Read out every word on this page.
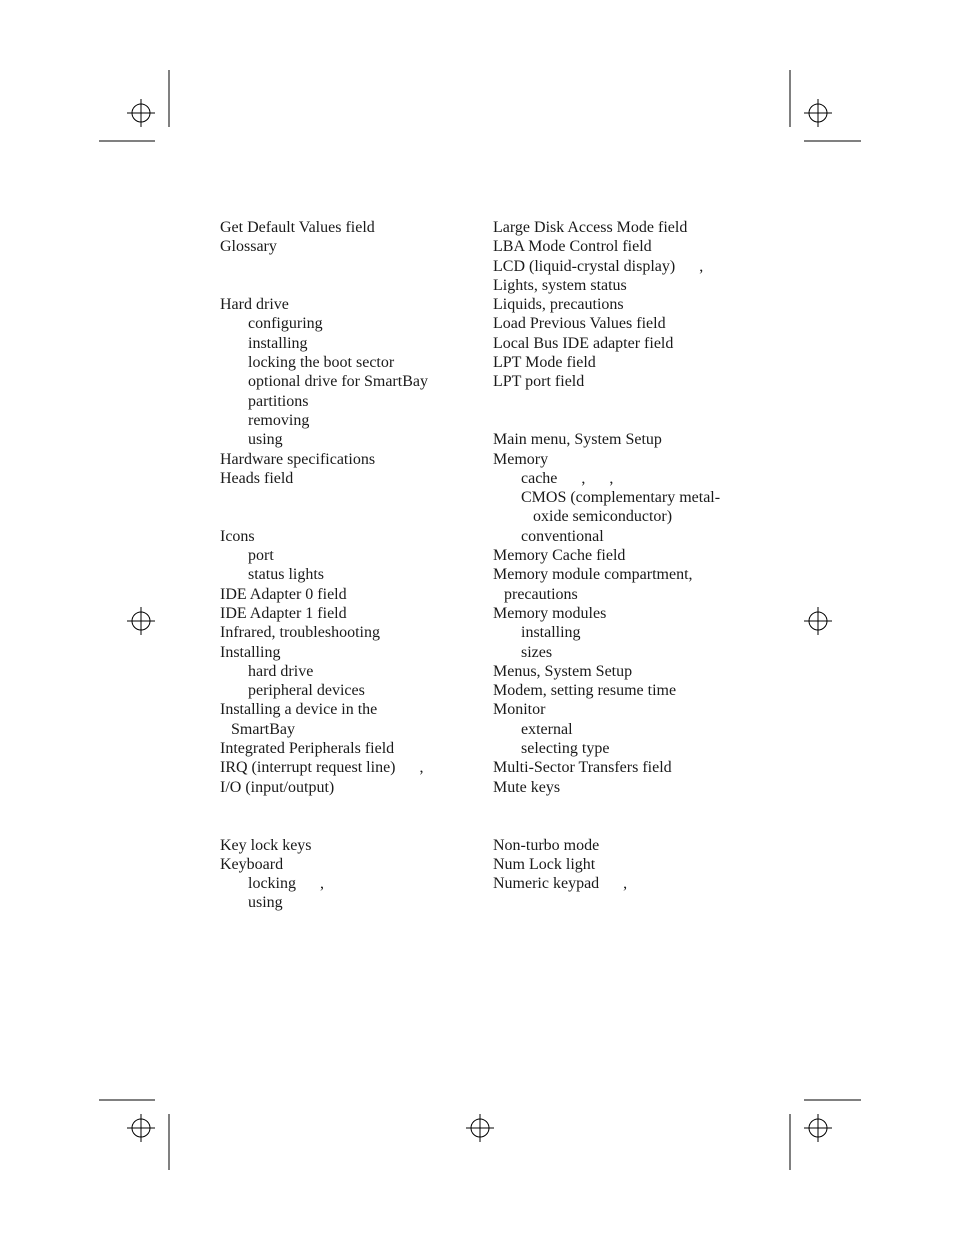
Get Default Values field
Glossary
Hard drive
configuring
installing
locking the boot sector
optional drive for SmartBay
partitions
removing
using
Hardware specifications
Heads field
Icons
port
status lights
IDE Adapter 0 field
IDE Adapter 1 field
Infrared, troubleshooting
Installing
hard drive
peripheral devices
Installing a device in the
SmartBay
Integrated Peripherals field
IRQ (interrupt request line)      ,
I/O (input/output)
Key lock keys
Keyboard
locking      ,
using
Large Disk Access Mode field
LBA Mode Control field
LCD (liquid-crystal display)      ,
Lights, system status
Liquids, precautions
Load Previous Values field
Local Bus IDE adapter field
LPT Mode field
LPT port field
Main menu, System Setup
Memory
cache      ,      ,
CMOS (complementary metal-
oxide semiconductor)
conventional
Memory Cache field
Memory module compartment,
precautions
Memory modules
installing
sizes
Menus, System Setup
Modem, setting resume time
Monitor
external
selecting type
Multi-Sector Transfers field
Mute keys
Non-turbo mode
Num Lock light
Numeric keypad      ,
